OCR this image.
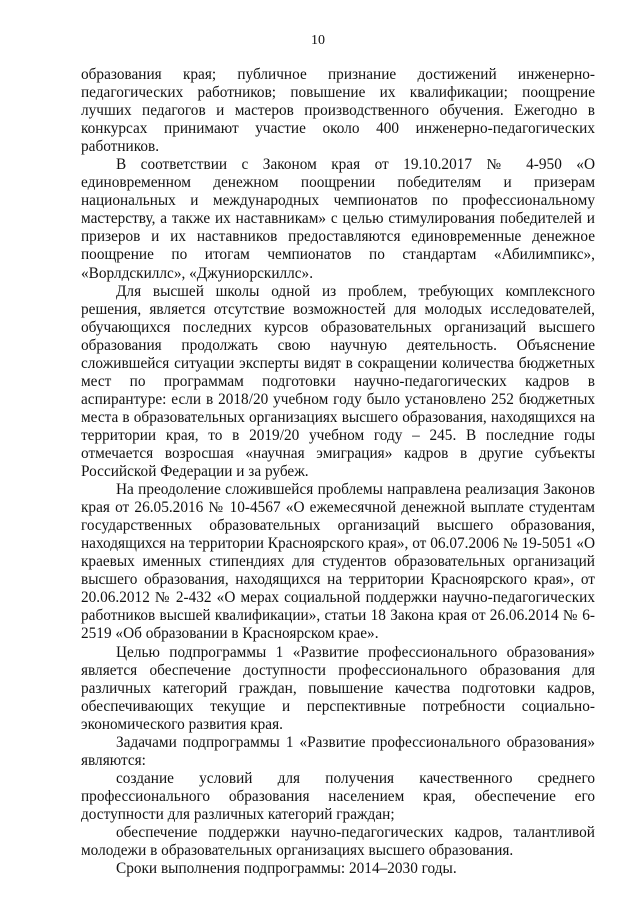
10

образования края; публичное признание достижений инженерно-педагогических работников; повышение их квалификации; поощрение лучших педагогов и мастеров производственного обучения. Ежегодно в конкурсах принимают участие около 400 инженерно-педагогических работников.

В соответствии с Законом края от 19.10.2017 № 4-950 «О единовременном денежном поощрении победителям и призерам национальных и международных чемпионатов по профессиональному мастерству, а также их наставникам» с целью стимулирования победителей и призеров и их наставников предоставляются единовременные денежное поощрение по итогам чемпионатов по стандартам «Абилимпикс», «Ворлдскиллс», «Джуниорскиллс».

Для высшей школы одной из проблем, требующих комплексного решения, является отсутствие возможностей для молодых исследователей, обучающихся последних курсов образовательных организаций высшего образования продолжать свою научную деятельность. Объяснение сложившейся ситуации эксперты видят в сокращении количества бюджетных мест по программам подготовки научно-педагогических кадров в аспирантуре: если в 2018/20 учебном году было установлено 252 бюджетных места в образовательных организациях высшего образования, находящихся на территории края, то в 2019/20 учебном году – 245. В последние годы отмечается возросшая «научная эмиграция» кадров в другие субъекты Российской Федерации и за рубеж.

На преодоление сложившейся проблемы направлена реализация Законов края от 26.05.2016 № 10-4567 «О ежемесячной денежной выплате студентам государственных образовательных организаций высшего образования, находящихся на территории Красноярского края», от 06.07.2006 № 19-5051 «О краевых именных стипендиях для студентов образовательных организаций высшего образования, находящихся на территории Красноярского края», от 20.06.2012 № 2-432 «О мерах социальной поддержки научно-педагогических работников высшей квалификации», статьи 18 Закона края от 26.06.2014 № 6-2519 «Об образовании в Красноярском крае».

Целью подпрограммы 1 «Развитие профессионального образования» является обеспечение доступности профессионального образования для различных категорий граждан, повышение качества подготовки кадров, обеспечивающих текущие и перспективные потребности социально-экономического развития края.

Задачами подпрограммы 1 «Развитие профессионального образования» являются:

создание условий для получения качественного среднего профессионального образования населением края, обеспечение его доступности для различных категорий граждан;

обеспечение поддержки научно-педагогических кадров, талантливой молодежи в образовательных организациях высшего образования.

Сроки выполнения подпрограммы: 2014–2030 годы.
